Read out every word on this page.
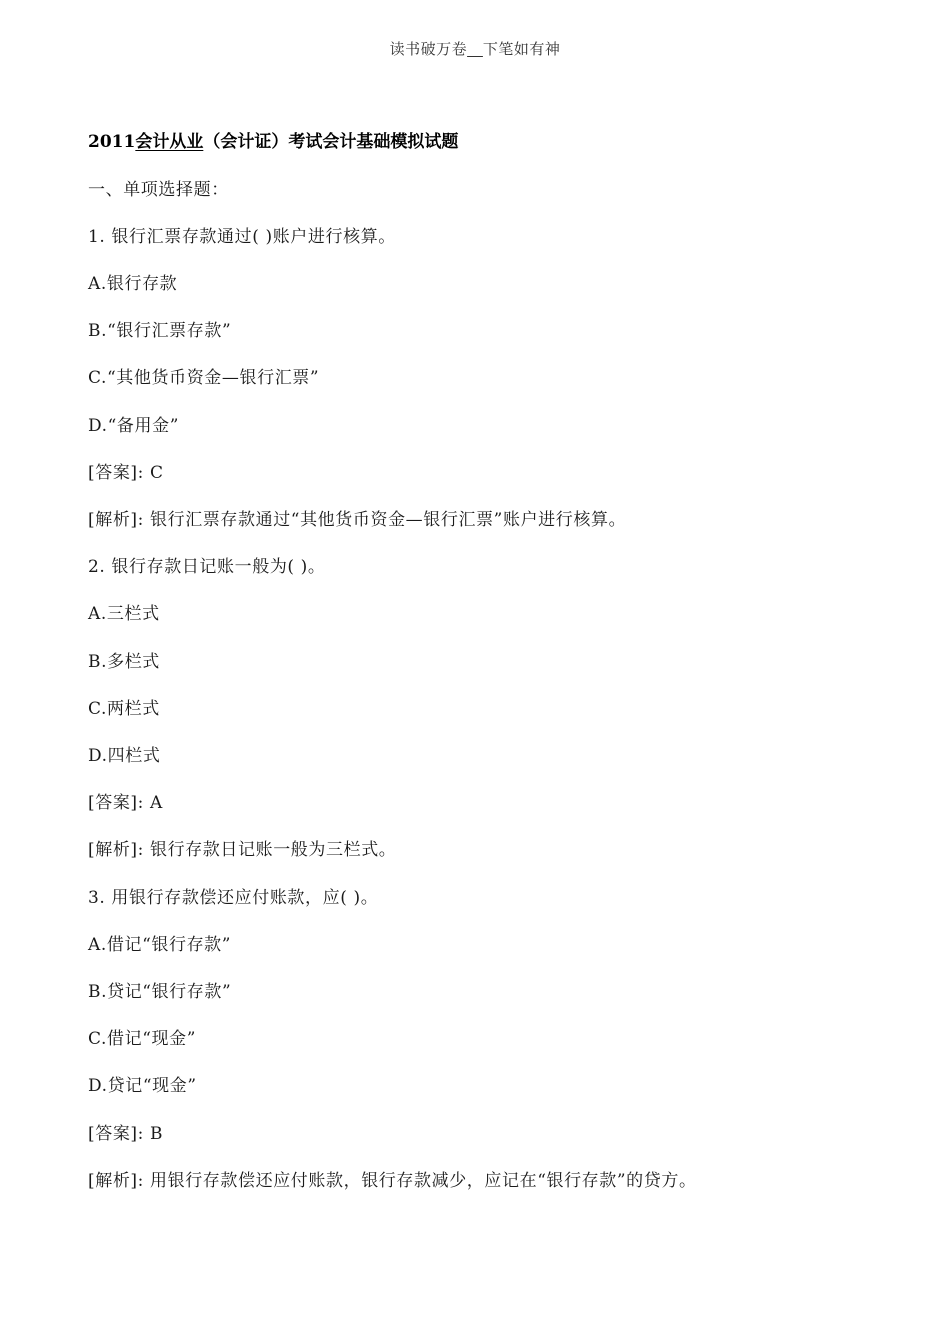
读书破万卷 下笔如有神
2011会计从业（会计证）考试会计基础模拟试题
一、单项选择题：
1. 银行汇票存款通过( )账户进行核算。
A.银行存款
B.“银行汇票存款”
C.“其他货币资金—银行汇票”
D.“备用金”
[答案]: C
[解析]: 银行汇票存款通过“其他货币资金—银行汇票”账户进行核算。
2. 银行存款日记账一般为( )。
A.三栏式
B.多栏式
C.两栏式
D.四栏式
[答案]: A
[解析]: 银行存款日记账一般为三栏式。
3. 用银行存款偿还应付账款，应( )。
A.借记“银行存款”
B.贷记“银行存款”
C.借记“现金”
D.贷记“现金”
[答案]: B
[解析]: 用银行存款偿还应付账款，银行存款减少，应记在“银行存款”的贷方。
